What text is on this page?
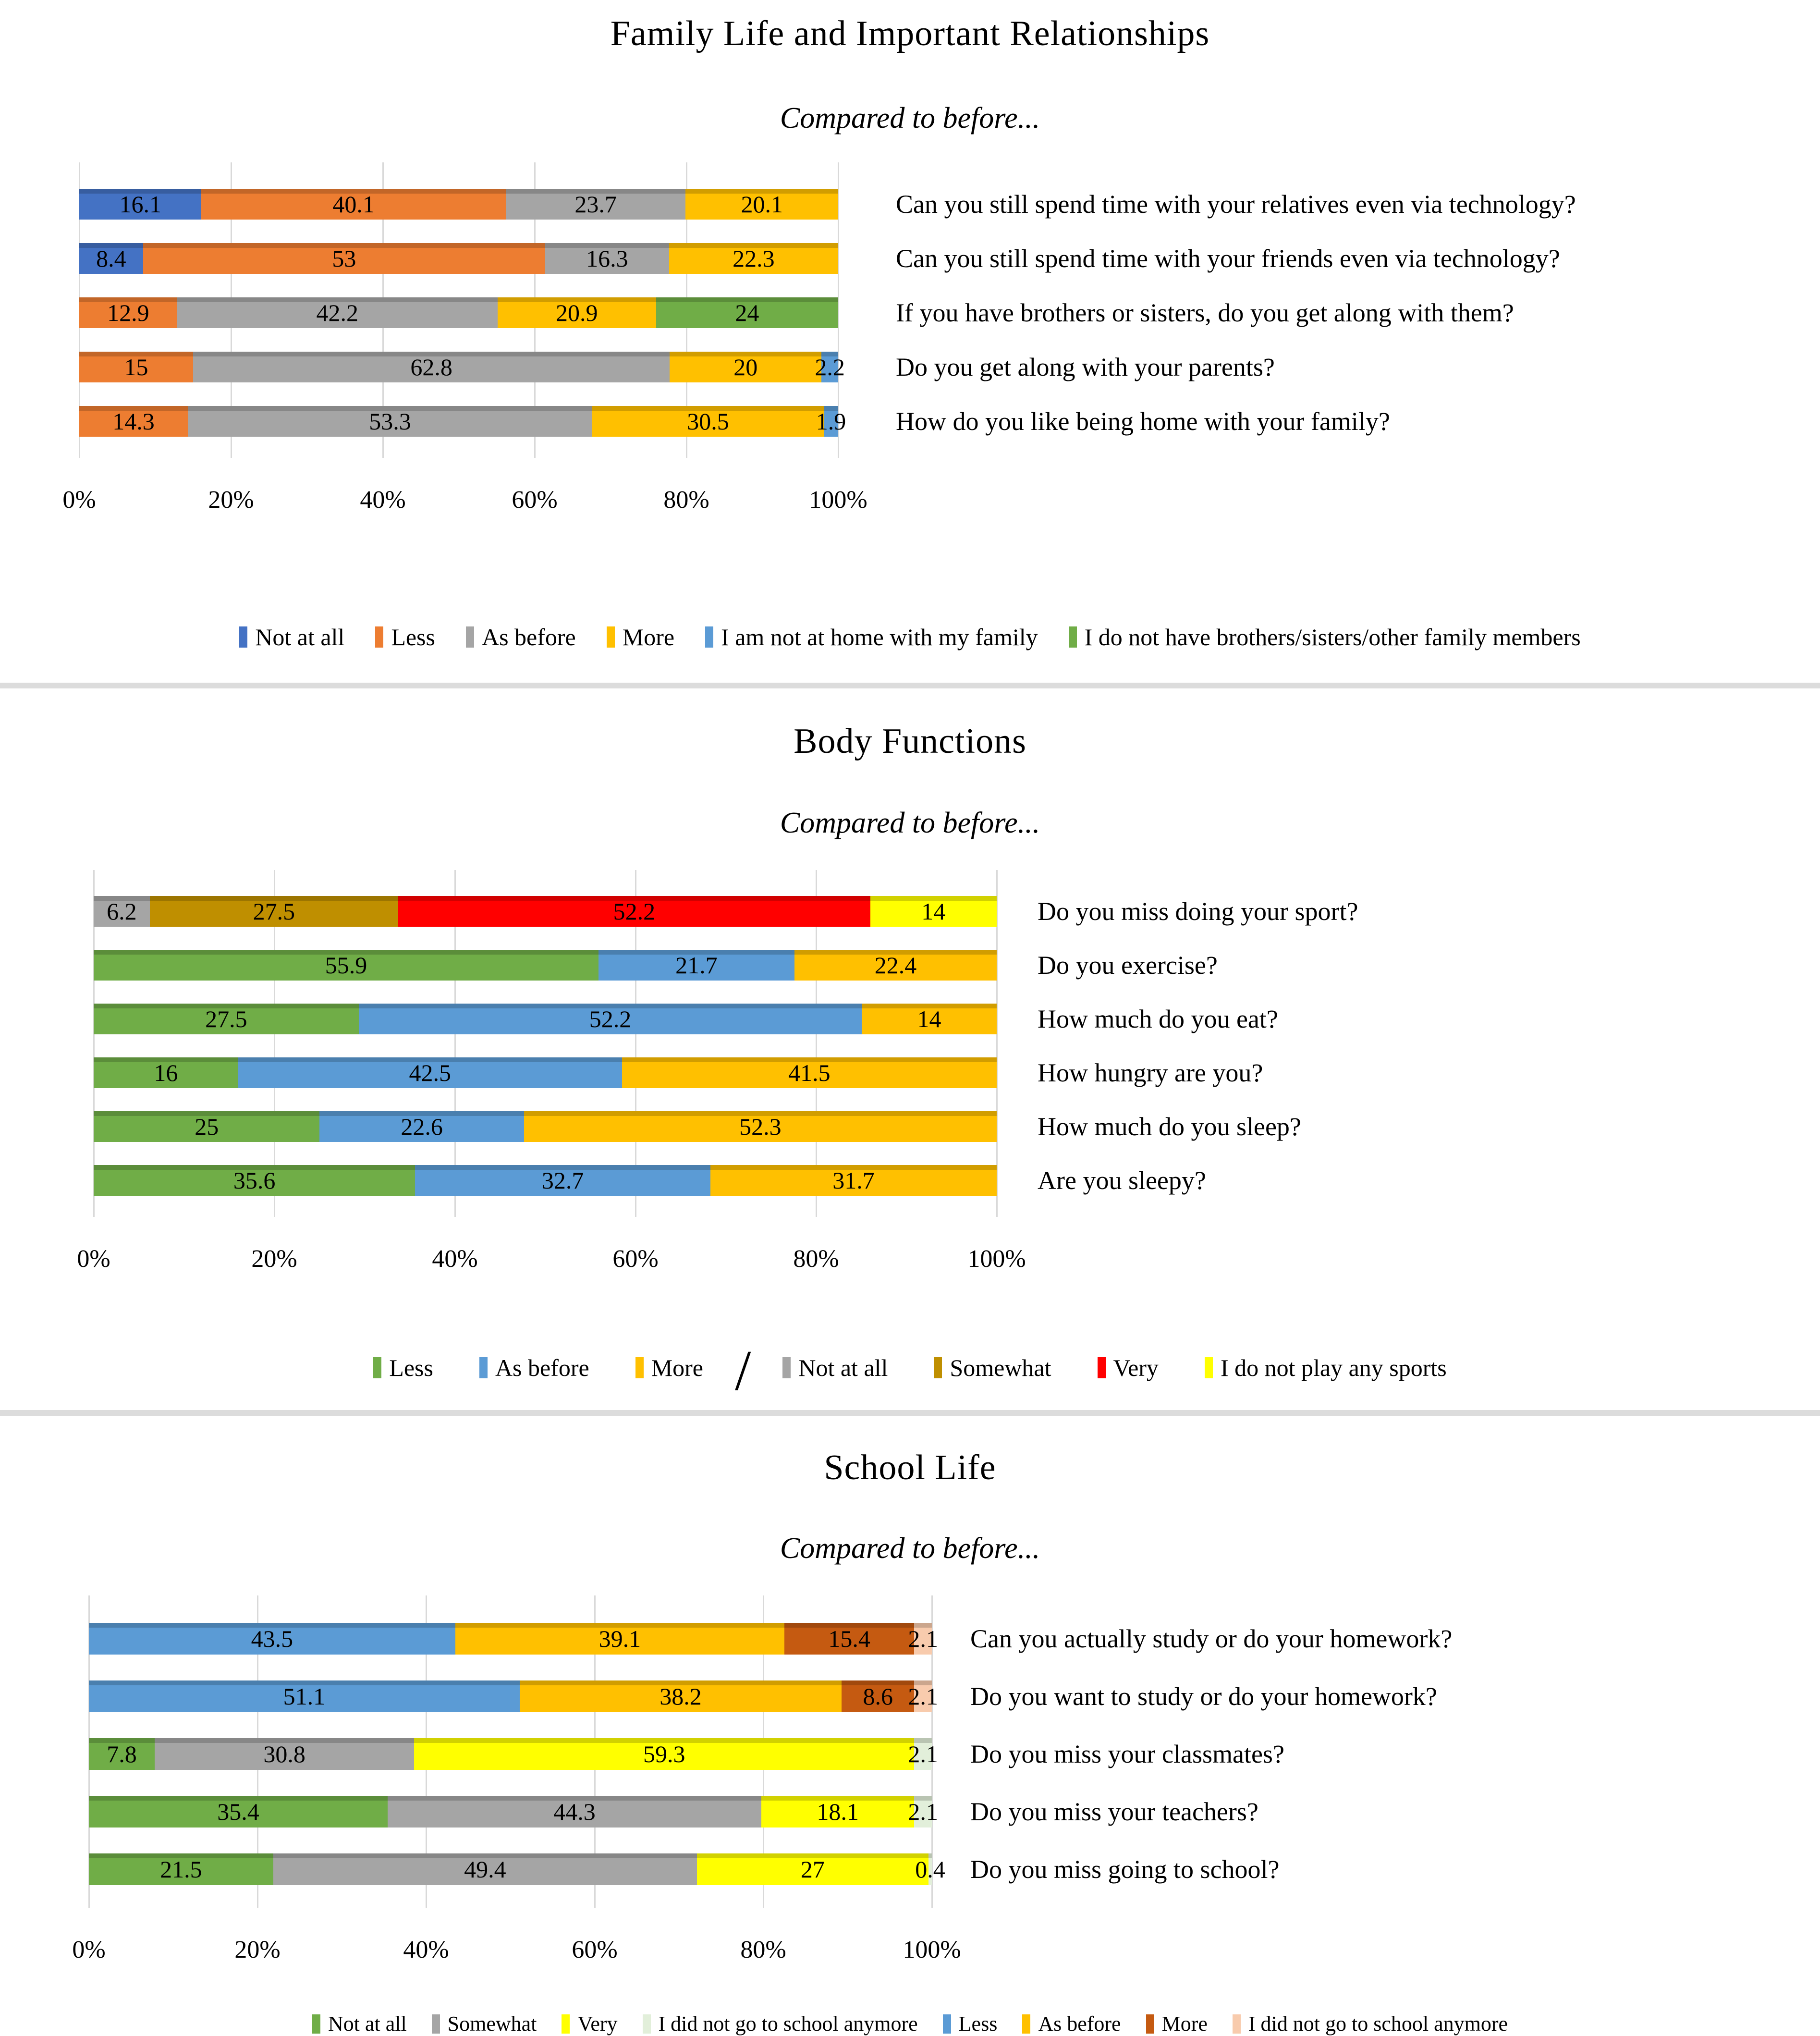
Family Life and Important Relationships
Compared to before...
16.1	40.1	23.7	20.1
8.4	53	16.3	22.3
12.9	42.2	20.9	24
15	62.8	20 2.2
14.3	53.3	30.5	1.9
0%	20%	40%	60%	80%	100%
Can you still spend time with your relatives even via technology?
Can you still spend time with your friends even via technology?
If you have brothers or sisters, do you get along with them?
Do you get along with your parents?
How do you like being home with your family?
Not at all Less As before More I am not at home with my family I do not have brothers/sisters/other family members
Body Functions
Compared to before...
6.2	27.5	52.2	14
55.9	21.7	22.4
27.5	52.2	14
16	42.5	41.5
25	22.6	52.3
35.6	32.7	31.7
0%	20%	40%	60%	80%	100%
Do you miss doing your sport?
Do you exercise?
How much do you eat?
How hungry are you?
How much do you sleep?
Are you sleepy?
Less	As before	More / Not at all	Somewhat	Very	I do not play any sports
School Life
Compared to before...
43.5	39.1	15.4 2.1
51.1	38.2	8.6 2.1
7.8	30.8	59.3	2.1
35.4	44.3	18.1 2.1
21.5	49.4	27	0.4
0%	20%	40%	60%	80%	100%
Can you actually study or do your homework?
Do you want to study or do your homework?
Do you miss your classmates?
Do you miss your teachers?
Do you miss going to school?
Not at all Somewhat Very I did not go to school anymore Less As before More I did not go to school anymore
